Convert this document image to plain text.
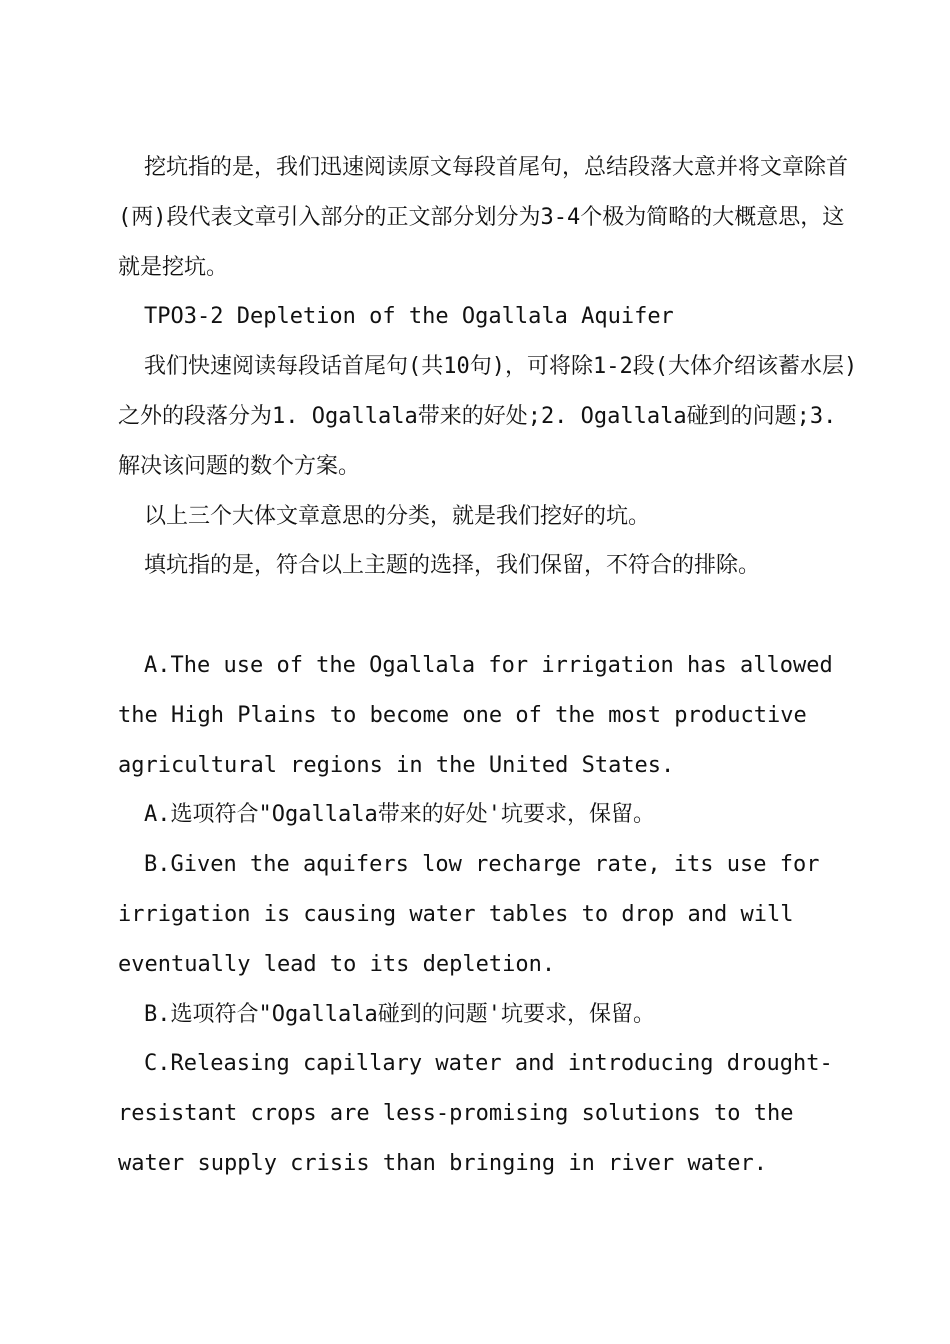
挖坑指的是，我们迅速阅读原文每段首尾句，总结段落大意并将文章除首(两)段代表文章引入部分的正文部分划分为3-4个极为简略的大概意思，这就是挖坑。

TPO3-2 Depletion of the Ogallala Aquifer

我们快速阅读每段话首尾句(共10句)，可将除1-2段(大体介绍该蓄水层)之外的段落分为1. Ogallala带来的好处;2. Ogallala碰到的问题;3. 解决该问题的数个方案。

以上三个大体文章意思的分类，就是我们挖好的坑。

填坑指的是，符合以上主题的选择，我们保留，不符合的排除。

A.The use of the Ogallala for irrigation has allowed the High Plains to become one of the most productive agricultural regions in the United States.

A.选项符合"Ogallala带来的好处'坑要求，保留。

B.Given the aquifers low recharge rate, its use for irrigation is causing water tables to drop and will eventually lead to its depletion.

B.选项符合"Ogallala碰到的问题'坑要求，保留。

C.Releasing capillary water and introducing drought-resistant crops are less-promising solutions to the water supply crisis than bringing in river water.
